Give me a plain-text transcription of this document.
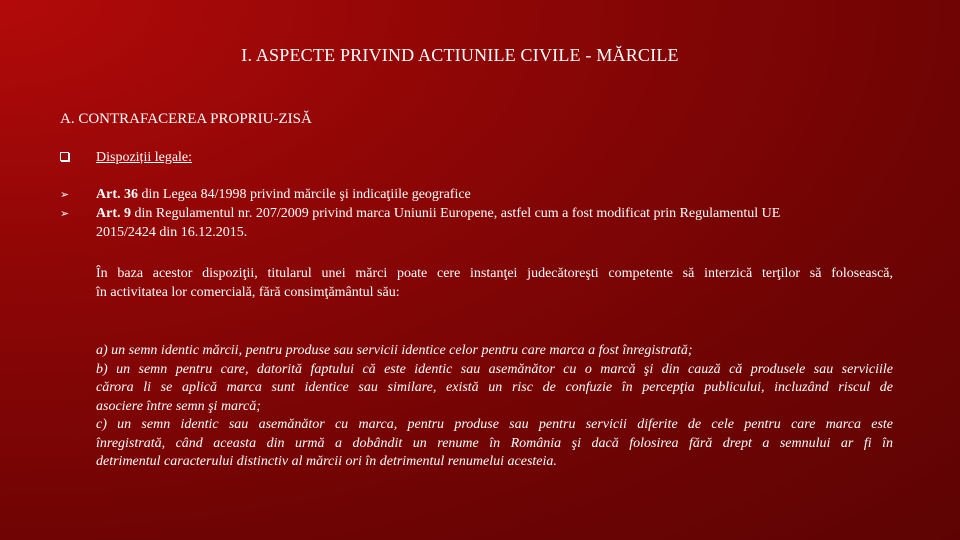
I. ASPECTE PRIVIND ACTIUNILE CIVILE - MĂRCILE
A. CONTRAFACEREA PROPRIU-ZISĂ
Dispoziții legale:
➢ Art. 36 din Legea 84/1998 privind mărcile şi indicaţiile geografice
➢ Art. 9 din Regulamentul nr. 207/2009 privind marca Uniunii Europene, astfel cum a fost modificat prin Regulamentul UE
2015/2424 din 16.12.2015.
În baza acestor dispoziţii, titularul unei mărci poate cere instanţei judecătoreşti competente să interzică terţilor să folosească,
în activitatea lor comercială, fără consimţământul său:
a) un semn identic mărcii, pentru produse sau servicii identice celor pentru care marca a fost înregistrată;
b) un semn pentru care, datorită faptului că este identic sau asemănător cu o marcă şi din cauză că produsele sau serviciile
cărora li se aplică marca sunt identice sau similare, există un risc de confuzie în percepţia publicului, incluzând riscul de
asociere între semn şi marcă;
c) un semn identic sau asemănător cu marca, pentru produse sau pentru servicii diferite de cele pentru care marca este
înregistrată, când aceasta din urmă a dobândit un renume în România şi dacă folosirea fără drept a semnului ar fi în
detrimentul caracterului distinctiv al mărcii ori în detrimentul renumelui acesteia.
